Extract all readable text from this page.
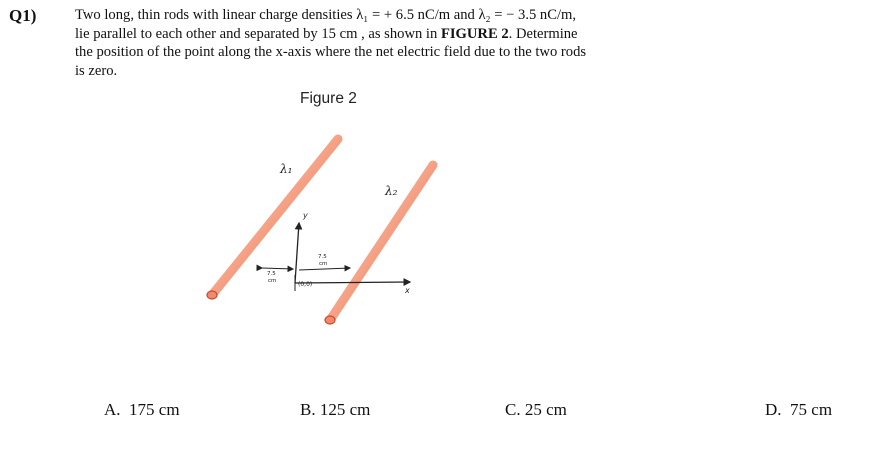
Q1)	Two long, thin rods with linear charge densities λ₁ = + 6.5 nC/m and λ₂ = − 3.5 nC/m,
lie parallel to each other and separated by 15 cm , as shown in FIGURE 2. Determine
the position of the point along the x-axis where the net electric field due to the two rods
is zero.
Figure 2
λ₁
λ₂
y
x
7.5
cm
7.5
cm
(0,0)
A. 175 cm	B. 125 cm	C. 25 cm	D. 75 cm
